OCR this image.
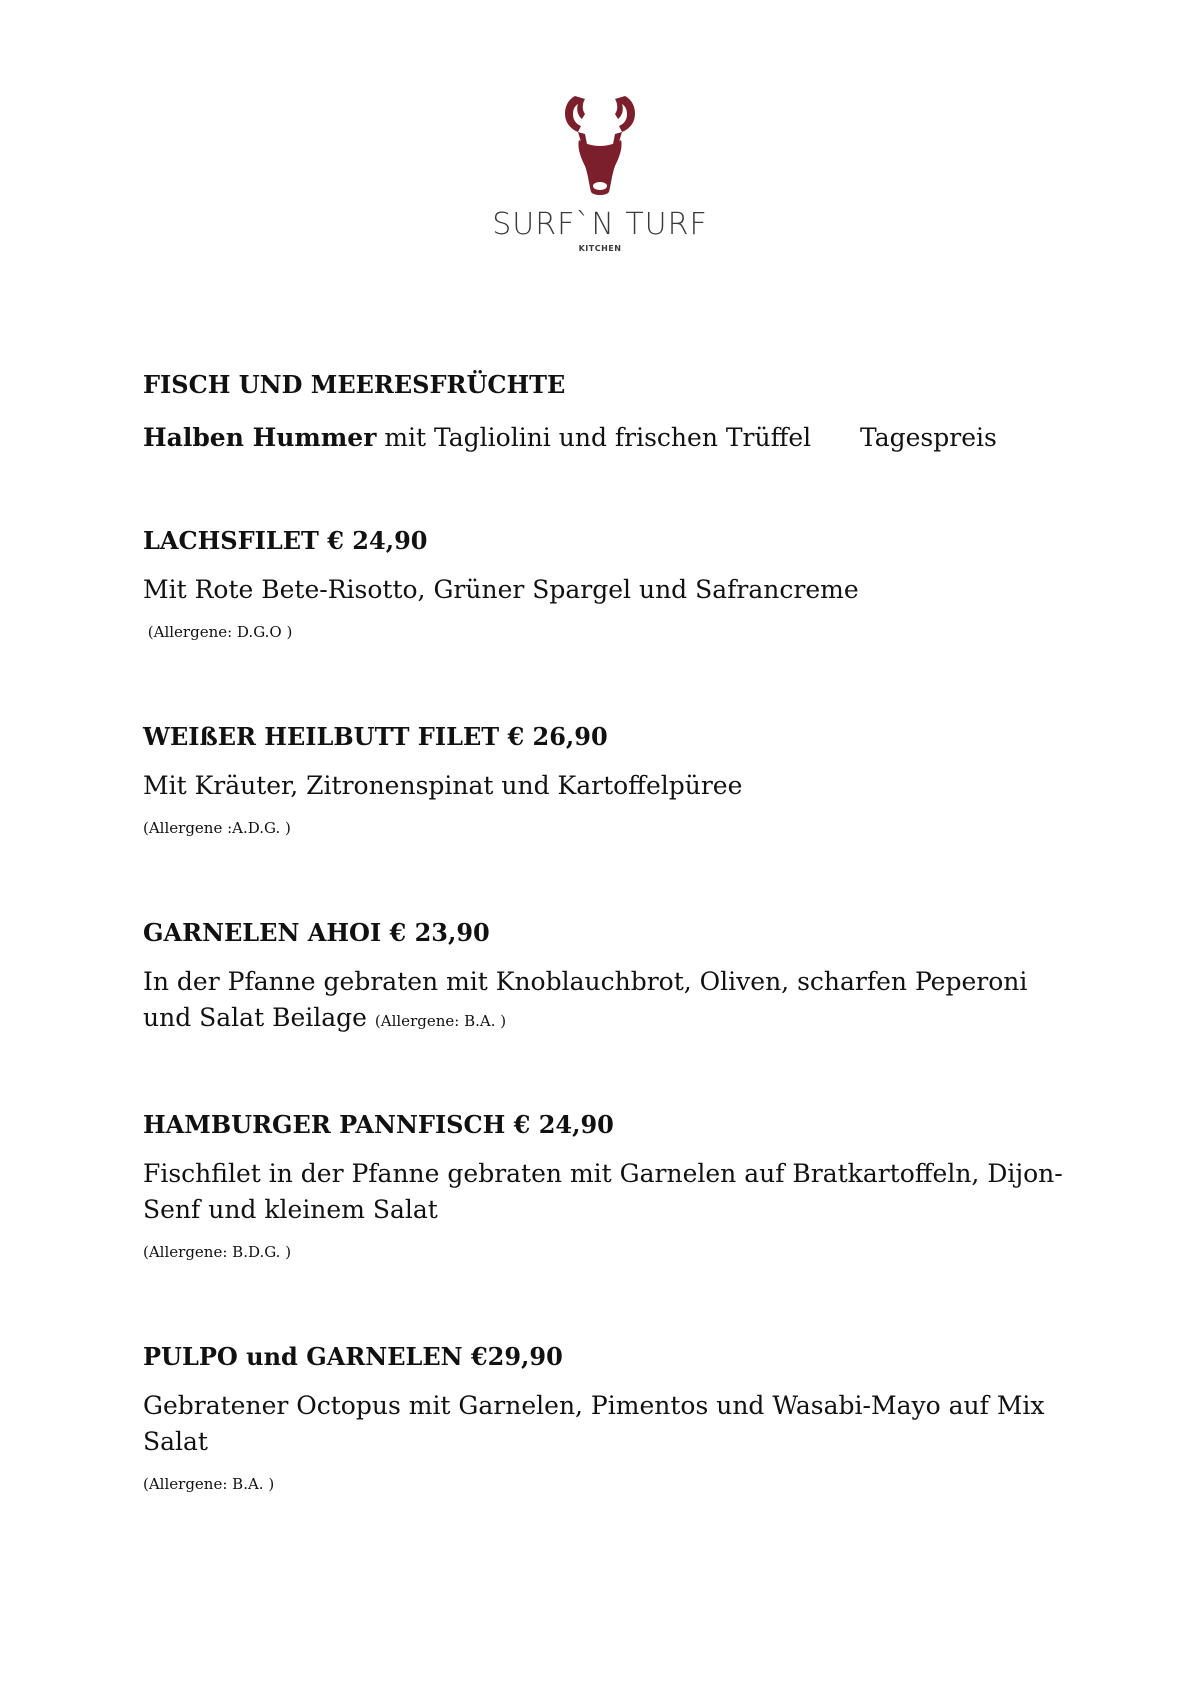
SURF`N TURF
KITCHEN
FISCH UND MEERESFRÜCHTE
Halben Hummer mit Tagliolini und frischen Trüffel Tagespreis
LACHSFILET € 24,90
Mit Rote Bete-Risotto, Grüner Spargel und Safrancreme
(Allergene: D.G.O )
WEIßER HEILBUTT FILET € 26,90
Mit Kräuter, Zitronenspinat und Kartoffelpüree
(Allergene :A.D.G. )
GARNELEN AHOI € 23,90
In der Pfanne gebraten mit Knoblauchbrot, Oliven, scharfen Peperoni und Salat Beilage (Allergene: B.A. )
HAMBURGER PANNFISCH € 24,90
Fischfilet in der Pfanne gebraten mit Garnelen auf Bratkartoffeln, Dijon-Senf und kleinem Salat
(Allergene: B.D.G. )
PULPO und GARNELEN €29,90
Gebratener Octopus mit Garnelen, Pimentos und Wasabi-Mayo auf Mix Salat
(Allergene: B.A. )
